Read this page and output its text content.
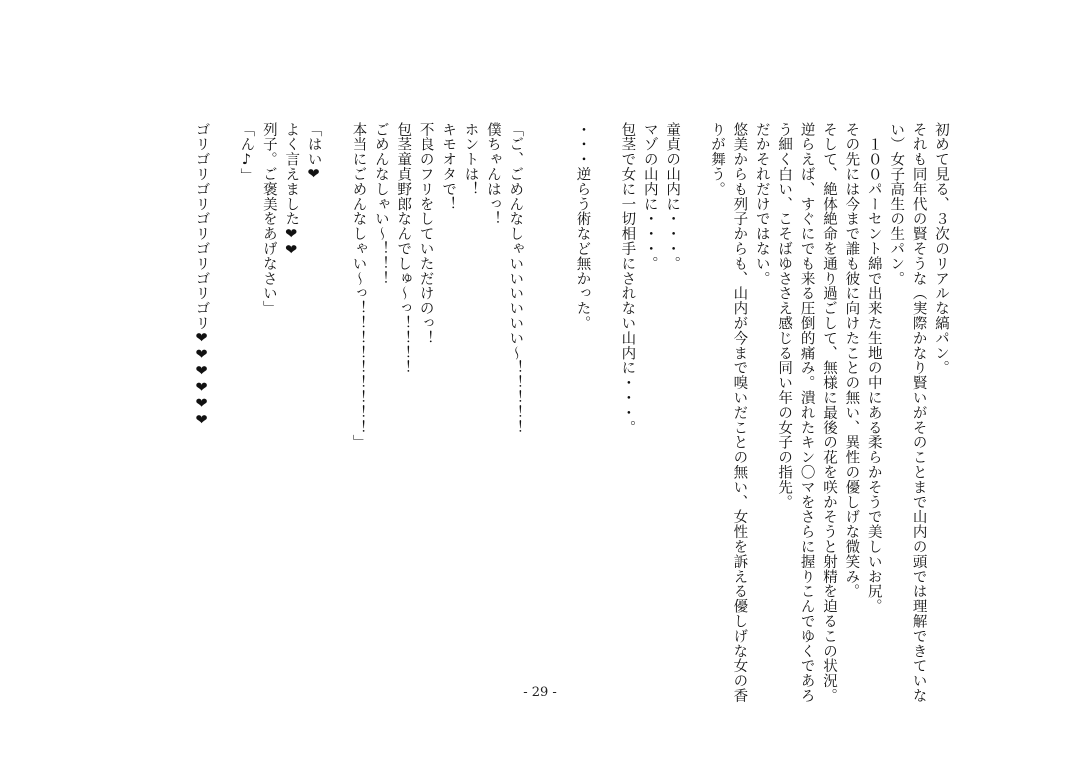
初めて見る、３次のリアルな縞パン。
それも同年代の賢そうな（実際かなり賢いがそのことまで山内の頭では理解できていな
い）女子高生の生パン。
　１００パーセント綿で出来た生地の中にある柔らかそうで美しいお尻。
その先には今まで誰も彼に向けたことの無い、異性の優しげな微笑み。
そして、絶体絶命を通り過ごして、無様に最後の花を咲かそうと射精を迫るこの状況。
逆らえば、すぐにでも来る圧倒的痛み。潰れたキン〇マをさらに握りこんでゆくであろ
う細く白い、こそばゆささえ感じる同い年の女子の指先。
だかそれだけではない。
悠美からも列子からも、山内が今まで嗅いだことの無い、女性を訴える優しげな女の香
りが舞う。

童貞の山内に・・・。
マゾの山内に・・・。
包茎で女に一切相手にされない山内に・・・。

・・・逆らう術など無かった。

「ご、ごめんなしゃいいいいいい～！！！！！
僕ちゃんはっ！
ホントは！
キモオタで！
不良のフリをしていただけのっ！
包茎童貞野郎なんでしゅ～っ！！！！
ごめんなしゃい～！！！
本当にごめんなしゃい～っ！！！！！！！！！」

「はい❤
よく言えました❤❤
列子。ご褒美をあげなさい」
「ん♪」

ゴリゴリゴリゴリゴリゴリゴリ❤❤❤❤❤❤
- 29 -
